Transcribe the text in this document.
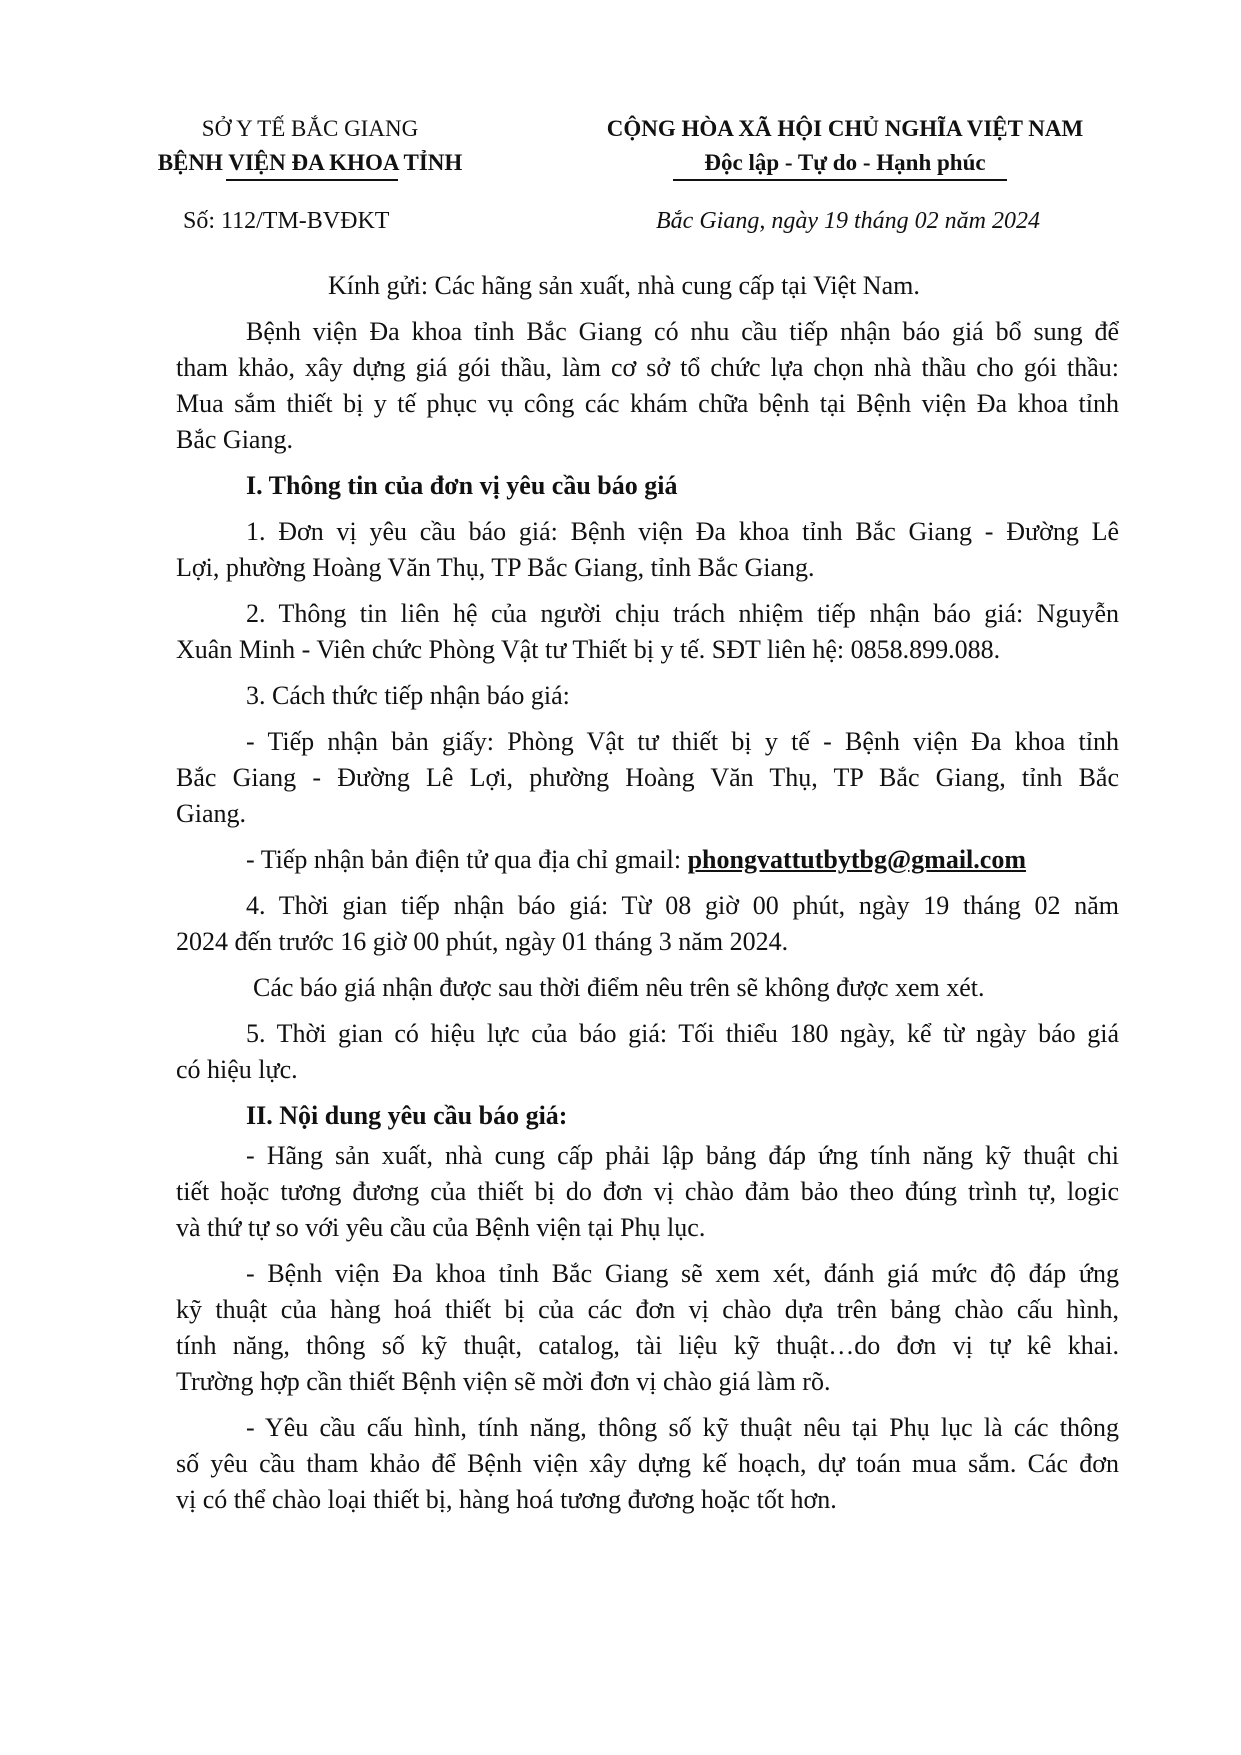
SỞ Y TẾ BẮC GIANG
BỆNH VIỆN ĐA KHOA TỈNH
CỘNG HÒA XÃ HỘI CHỦ NGHĨA VIỆT NAM
Độc lập - Tự do - Hạnh phúc
Số: 112/TM-BVĐKT	Bắc Giang, ngày 19 tháng 02 năm 2024
Kính gửi: Các hãng sản xuất, nhà cung cấp tại Việt Nam.
Bệnh viện Đa khoa tỉnh Bắc Giang có nhu cầu tiếp nhận báo giá bổ sung để
tham khảo, xây dựng giá gói thầu, làm cơ sở tổ chức lựa chọn nhà thầu cho gói thầu:
Mua sắm thiết bị y tế phục vụ công các khám chữa bệnh tại Bệnh viện Đa khoa tỉnh
Bắc Giang.
I. Thông tin của đơn vị yêu cầu báo giá
1. Đơn vị yêu cầu báo giá: Bệnh viện Đa khoa tỉnh Bắc Giang - Đường Lê
Lợi, phường Hoàng Văn Thụ, TP Bắc Giang, tỉnh Bắc Giang.
2. Thông tin liên hệ của người chịu trách nhiệm tiếp nhận báo giá: Nguyễn
Xuân Minh - Viên chức Phòng Vật tư Thiết bị y tế. SĐT liên hệ: 0858.899.088.
3. Cách thức tiếp nhận báo giá:
- Tiếp nhận bản giấy: Phòng Vật tư thiết bị y tế - Bệnh viện Đa khoa tỉnh
Bắc Giang - Đường Lê Lợi, phường Hoàng Văn Thụ, TP Bắc Giang, tỉnh Bắc
Giang.
- Tiếp nhận bản điện tử qua địa chỉ gmail: phongvattutbytbg@gmail.com
4. Thời gian tiếp nhận báo giá: Từ 08 giờ 00 phút, ngày 19 tháng 02 năm
2024 đến trước 16 giờ 00 phút, ngày 01 tháng 3 năm 2024.
Các báo giá nhận được sau thời điểm nêu trên sẽ không được xem xét.
5. Thời gian có hiệu lực của báo giá: Tối thiểu 180 ngày, kể từ ngày báo giá
có hiệu lực.
II. Nội dung yêu cầu báo giá:
- Hãng sản xuất, nhà cung cấp phải lập bảng đáp ứng tính năng kỹ thuật chi
tiết hoặc tương đương của thiết bị do đơn vị chào đảm bảo theo đúng trình tự, logic
và thứ tự so với yêu cầu của Bệnh viện tại Phụ lục.
- Bệnh viện Đa khoa tỉnh Bắc Giang sẽ xem xét, đánh giá mức độ đáp ứng
kỹ thuật của hàng hoá thiết bị của các đơn vị chào dựa trên bảng chào cấu hình,
tính năng, thông số kỹ thuật, catalog, tài liệu kỹ thuật…do đơn vị tự kê khai.
Trường hợp cần thiết Bệnh viện sẽ mời đơn vị chào giá làm rõ.
- Yêu cầu cấu hình, tính năng, thông số kỹ thuật nêu tại Phụ lục là các thông
số yêu cầu tham khảo để Bệnh viện xây dựng kế hoạch, dự toán mua sắm. Các đơn
vị có thể chào loại thiết bị, hàng hoá tương đương hoặc tốt hơn.
